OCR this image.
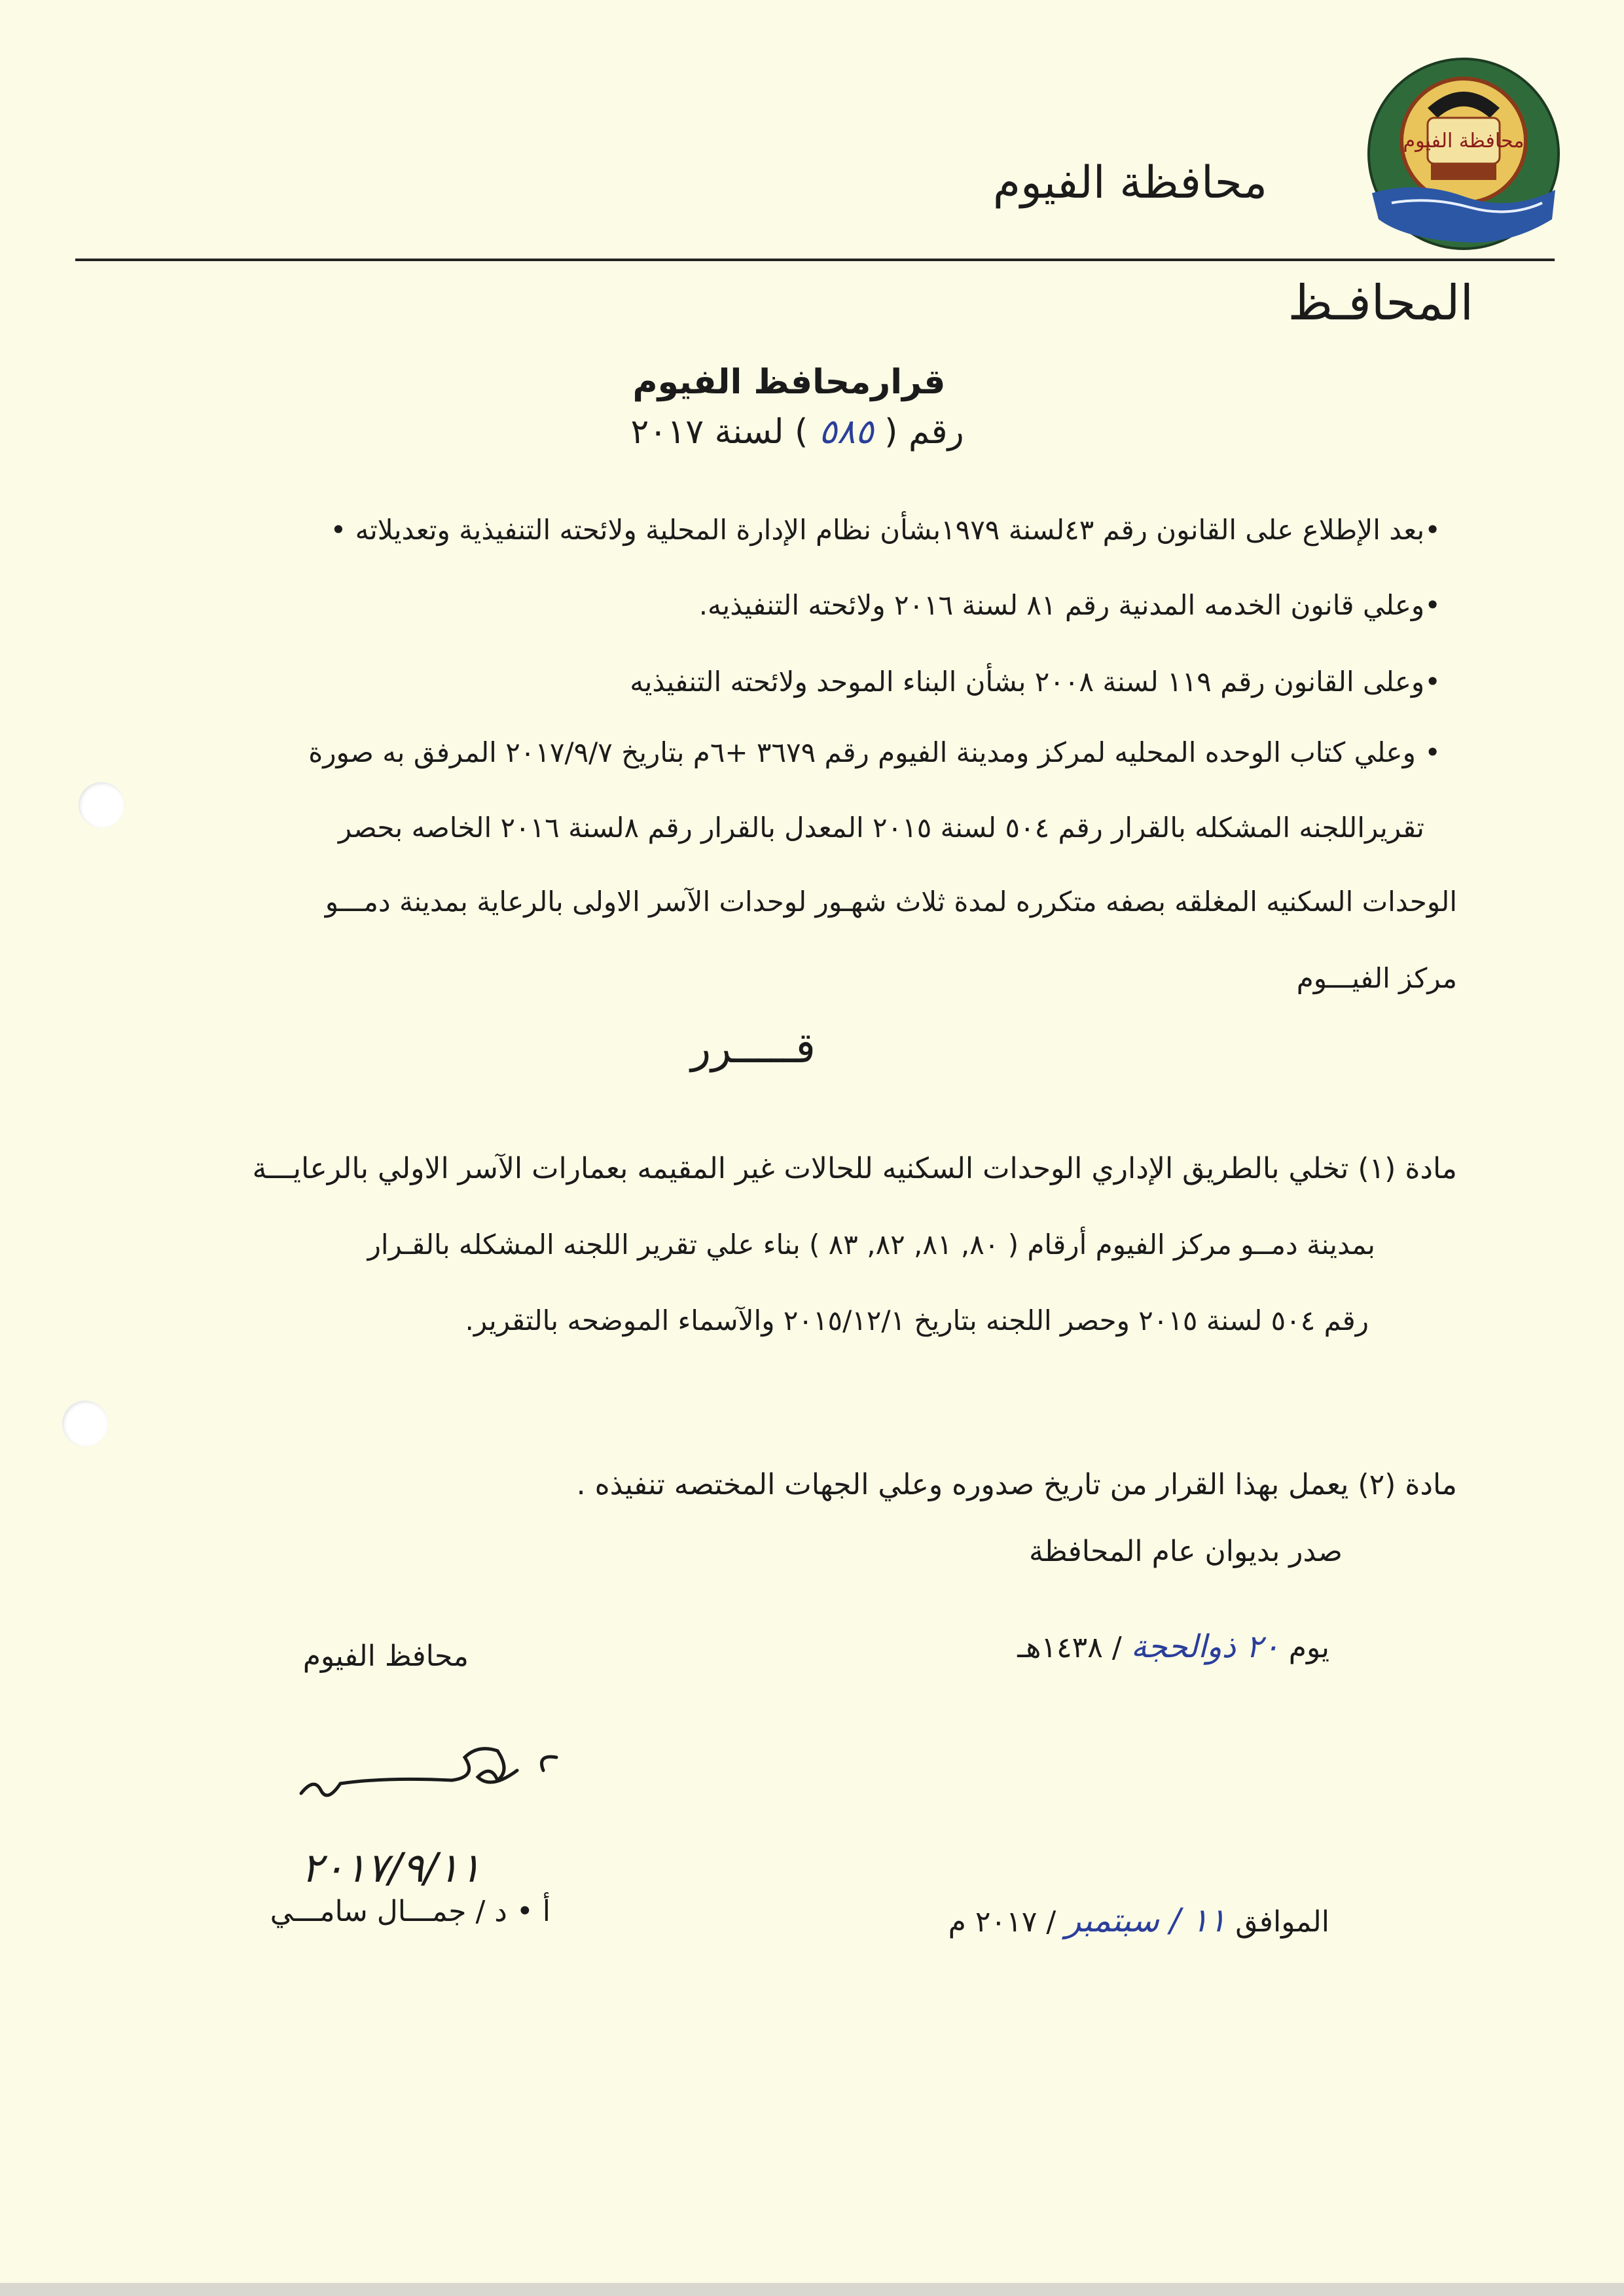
محافظة الفيوم
محافظة الفيوم
المحافـظ
قرارمحافظ الفيوم
رقم ( ٥٨٥ ) لسنة ٢٠١٧
•بعد الإطلاع على القانون رقم ٤٣لسنة ١٩٧٩بشأن نظام الإدارة المحلية ولائحته التنفيذية وتعديلاته •
•وعلي قانون الخدمه المدنية رقم ٨١ لسنة ٢٠١٦ ولائحته التنفيذيه.
•وعلى القانون رقم ١١٩ لسنة ٢٠٠٨ بشأن البناء الموحد ولائحته التنفيذيه
• وعلي كتاب الوحده المحليه لمركز ومدينة الفيوم رقم ٣٦٧٩ +٦م بتاريخ ٢٠١٧/٩/٧ المرفق به صورة
تقريراللجنه المشكله بالقرار رقم ٥٠٤ لسنة ٢٠١٥ المعدل بالقرار رقم ٨لسنة ٢٠١٦ الخاصه بحصر
الوحدات السكنيه المغلقه بصفه متكرره لمدة ثلاث شهـور لوحدات الآسر الاولى بالرعاية بمدينة دمـــو
مركز الفيـــوم
قـــــرر
مادة (١) تخلي بالطريق الإداري الوحدات السكنيه للحالات غير المقيمه بعمارات الآسر الاولي بالرعايـــة
بمدينة دمــو مركز الفيوم أرقام ( ٨٠, ٨١, ٨٢, ٨٣ ) بناء علي تقرير اللجنه المشكله بالقـرار
رقم ٥٠٤ لسنة ٢٠١٥ وحصر اللجنه بتاريخ ٢٠١٥/١٢/١ والآسماء الموضحه بالتقرير.
مادة (٢) يعمل بهذا القرار من تاريخ صدوره وعلي الجهات المختصه تنفيذه .
صدر بديوان عام المحافظة
يوم ٢٠ ذوالحجة / ١٤٣٨هـ
الموافق ١١ / سبتمبر / ٢٠١٧ م
محافظ الفيوم
٢٠١٧/٩/١١
أ • د / جمـــال سامـــي
